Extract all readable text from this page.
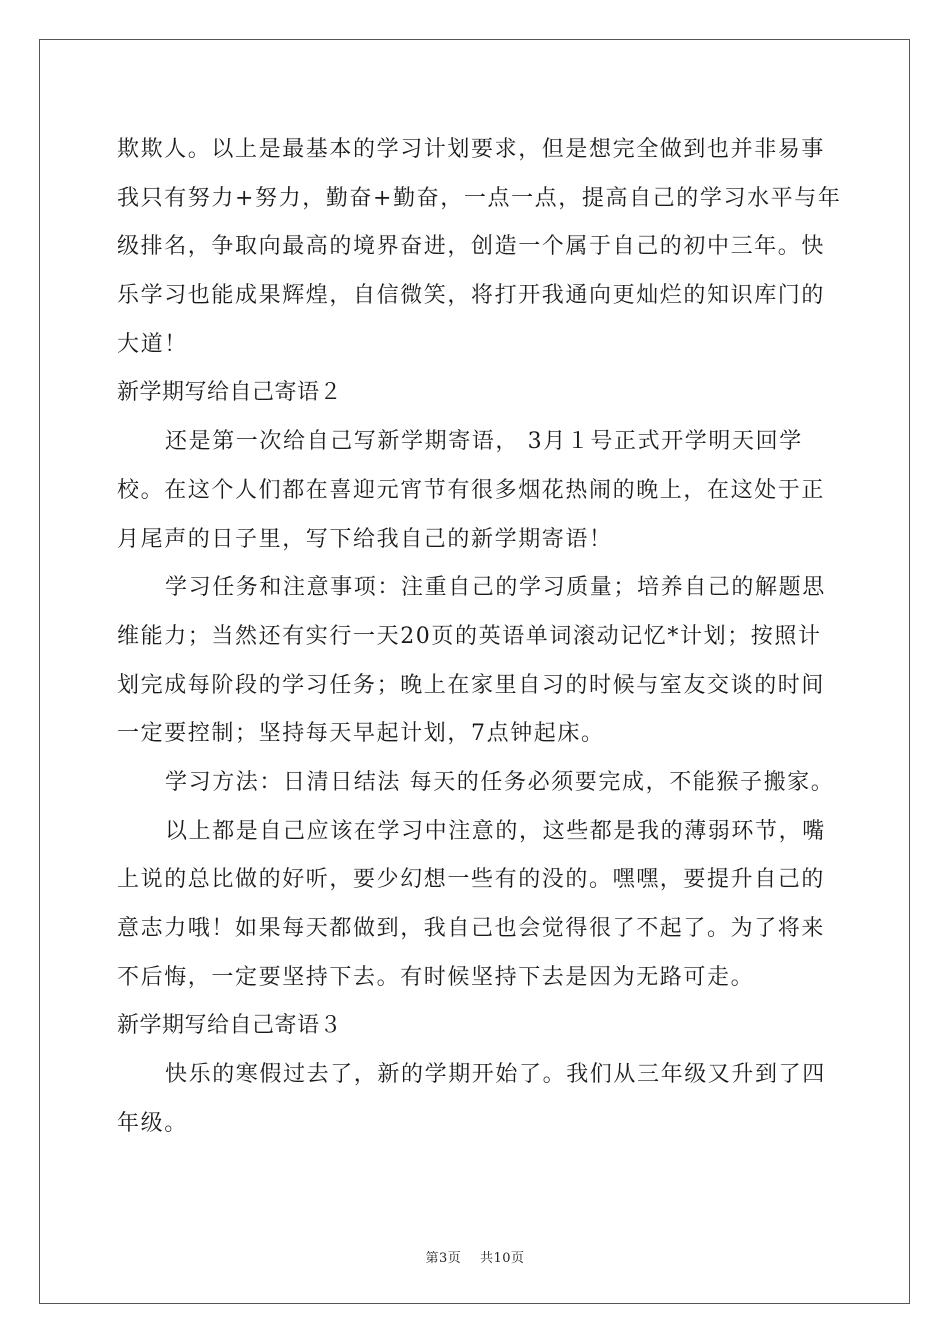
欺欺人。以上是最基本的学习计划要求，但是想完全做到也并非易事
我只有努力+努力，勤奋+勤奋，一点一点，提高自己的学习水平与年
级排名，争取向最高的境界奋进，创造一个属于自己的初中三年。快
乐学习也能成果辉煌，自信微笑，将打开我通向更灿烂的知识库门的
大道！
新学期写给自己寄语２
还是第一次给自己写新学期寄语， 3月１号正式开学明天回学
校。在这个人们都在喜迎元宵节有很多烟花热闹的晚上，在这处于正
月尾声的日子里，写下给我自己的新学期寄语！
学习任务和注意事项：注重自己的学习质量；培养自己的解题思
维能力；当然还有实行一天20页的英语单词滚动记忆*计划；按照计
划完成每阶段的学习任务；晚上在家里自习的时候与室友交谈的时间
一定要控制；坚持每天早起计划，7点钟起床。
学习方法：日清日结法 每天的任务必须要完成，不能猴子搬家。
以上都是自己应该在学习中注意的，这些都是我的薄弱环节，嘴
上说的总比做的好听，要少幻想一些有的没的。嘿嘿，要提升自己的
意志力哦！如果每天都做到，我自己也会觉得很了不起了。为了将来
不后悔，一定要坚持下去。有时候坚持下去是因为无路可走。
新学期写给自己寄语３
快乐的寒假过去了，新的学期开始了。我们从三年级又升到了四
年级。
第3页 共10页
